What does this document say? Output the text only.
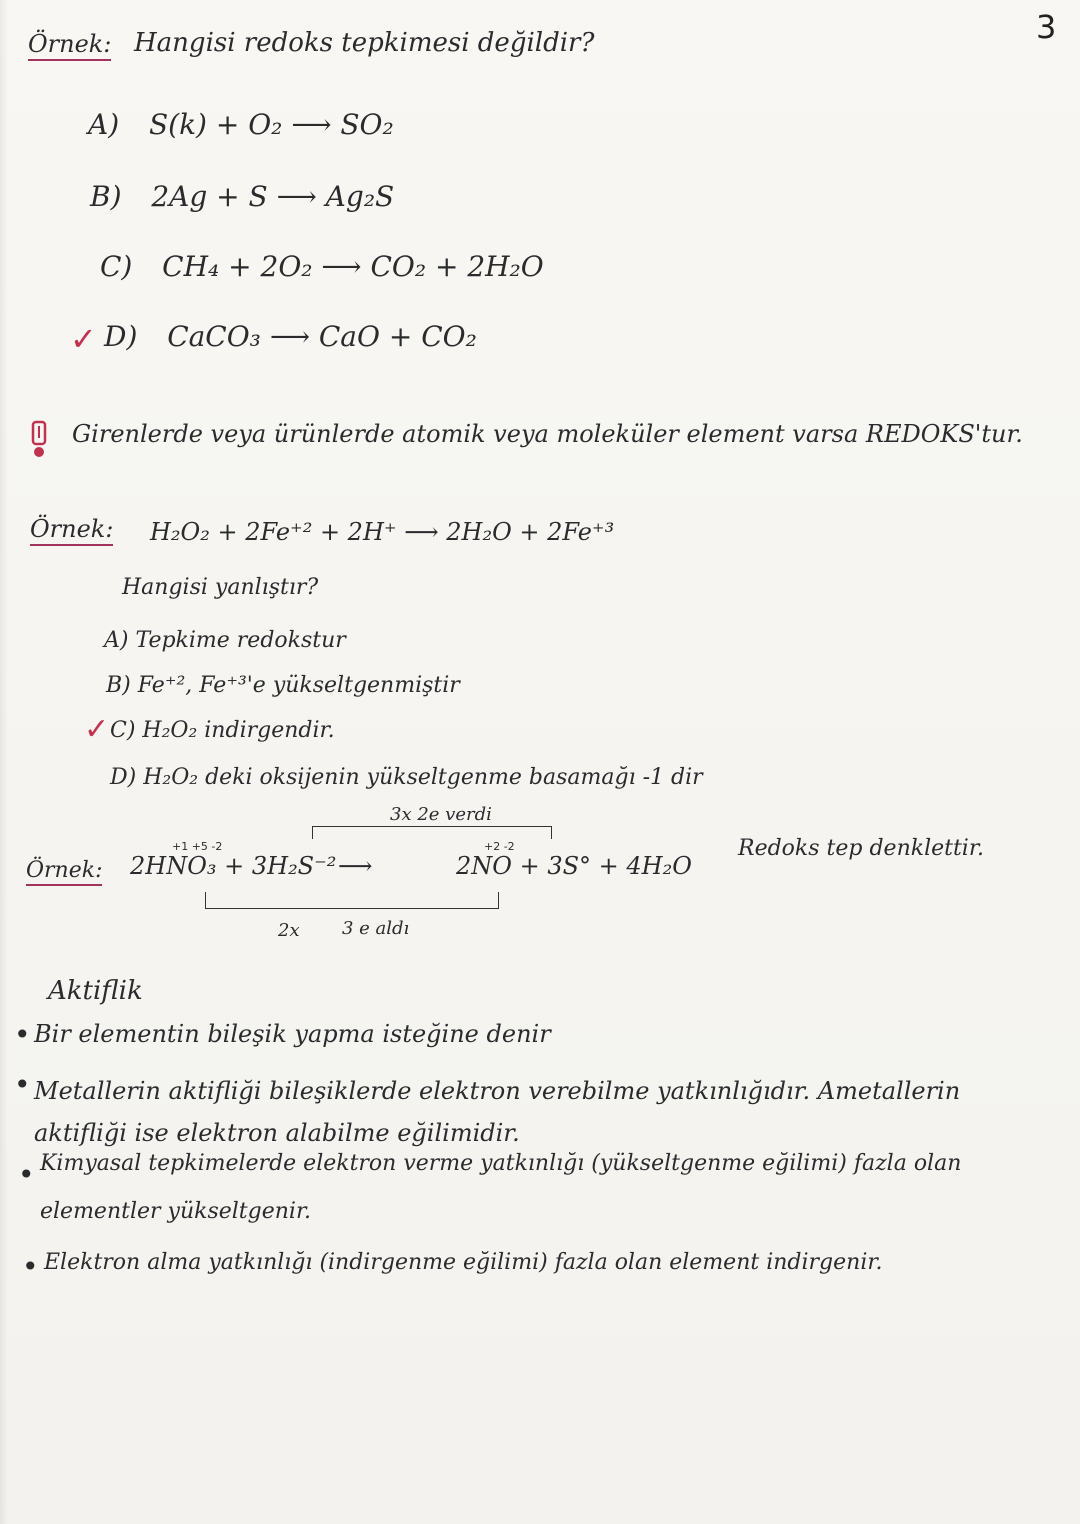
3
Örnek: Hangisi redoks tepkimesi değildir?
A) S(k) + O₂ ⟶ SO₂
B) 2Ag + S ⟶ Ag₂S
C) CH₄ + 2O₂ ⟶ CO₂ + 2H₂O
✓ D) CaCO₃ ⟶ CaO + CO₂
Girenlerde veya ürünlerde atomik veya moleküler element varsa REDOKS'tur.
Örnek: H₂O₂ + 2Fe⁺² + 2H⁺ ⟶ 2H₂O + 2Fe⁺³
Hangisi yanlıştır?
A) Tepkime redokstur
B) Fe⁺², Fe⁺³'e yükseltgenmiştir
✓ C) H₂O₂ indirgendir.
D) H₂O₂ deki oksijenin yükseltgenme basamağı -1 dir
3x 2e verdi
Örnek:
+1 +5 -2
2HNO₃ + 3H₂S⁻² ⟶
+2 -2
2NO + 3S° + 4H₂O
Redoks tep denklettir.
2x 3 e aldı
Aktiflik
• Bir elementin bileşik yapma isteğine denir
• Metallerin aktifliği bileşiklerde elektron verebilme yatkınlığıdır. Ametallerin aktifliği ise elektron alabilme eğilimidir.
• Kimyasal tepkimelerde elektron verme yatkınlığı (yükseltgenme eğilimi) fazla olan elementler yükseltgenir.
• Elektron alma yatkınlığı (indirgenme eğilimi) fazla olan element indirgenir.
